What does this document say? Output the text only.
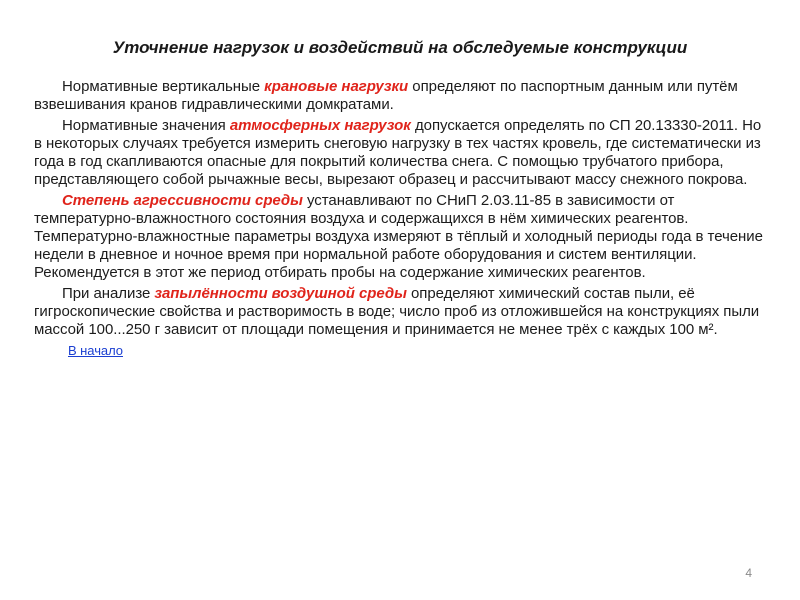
Уточнение нагрузок и воздействий на обследуемые конструкции

Нормативные вертикальные крановые нагрузки определяют по паспортным данным или путём взвешивания кранов гидравлическими домкратами.

Нормативные значения атмосферных нагрузок допускается определять по СП 20.13330-2011. Но в некоторых случаях требуется измерить снеговую нагрузку в тех частях кровель, где систематически из года в год скапливаются опасные для покрытий количества снега. С помощью трубчатого прибора, представляющего собой рычажные весы, вырезают образец и рассчитывают массу снежного покрова.

Степень агрессивности среды устанавливают по СНиП 2.03.11-85 в зависимости от температурно-влажностного состояния воздуха и содержащихся в нём химических реагентов. Температурно-влажностные параметры воздуха измеряют в тёплый и холодный периоды года в течение недели в дневное и ночное время при нормальной работе оборудования и систем вентиляции. Рекомендуется в этот же период отбирать пробы на содержание химических реагентов.

При анализе запылённости воздушной среды определяют химический состав пыли, её гигроскопические свойства и растворимость в воде; число проб из отложившейся на конструкциях пыли массой 100...250 г зависит от площади помещения и принимается не менее трёх с каждых 100 м².

В начало
4
